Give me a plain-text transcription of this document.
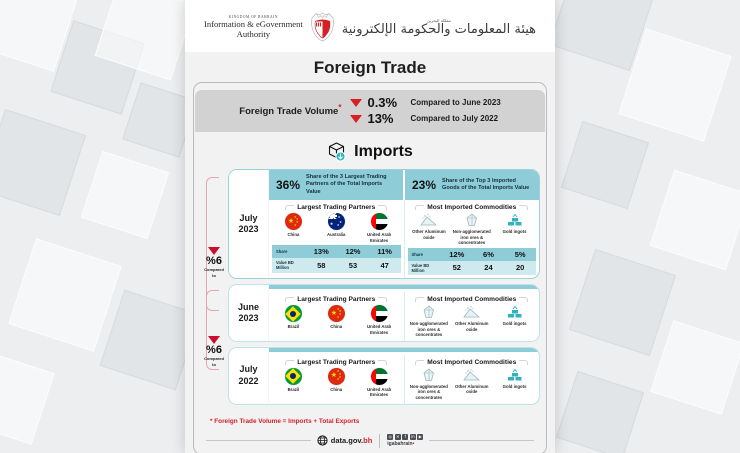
KINGDOM OF BAHRAIN
Information & eGovernment
Authority
مملكة البحرين
هيئة المعلومات والحكومة الإلكترونية
Foreign Trade
Foreign Trade Volume* 0.3%	Compared to June 2023
13%	Compared to July 2022
Imports
%6
Compared
to
July
2023
36%
Share of the 3 Largest Trading Partners of the Total Imports Value	23% Share of the Top 3 Imported Goods of the Total Imports Value
Largest Trading Partners
★
★
★
★
★
China
★
★
★
★
Australia	United Arab Emirates
Share	13%	12%	11%
Value BD Million	58	53	47
Most Imported Commodities
Other Aluminum oxide
Non-agglomerated iron ores & concentrates
Gold ingots
Share	12%	6%	5%
Value BD Million	52	24	20
%6
Compared
to
June
2023
Largest Trading Partners
Brazil
★
★
★
★
★
China	United Arab Emirates
Most Imported Commodities
Non-agglomerated iron ores & concentrates
Other Aluminum oxide
Gold ingots
July
2022
Largest Trading Partners
Brazil
★
★
★
★
★
China	United Arab Emirates
Most Imported Commodities
Non-agglomerated iron ores & concentrates
Other Aluminum oxide
Gold ingots
* Foreign Trade Volume = Imports + Total Exports
data.gov.bh	◎	✕	f	in	▶
igabahrain•
